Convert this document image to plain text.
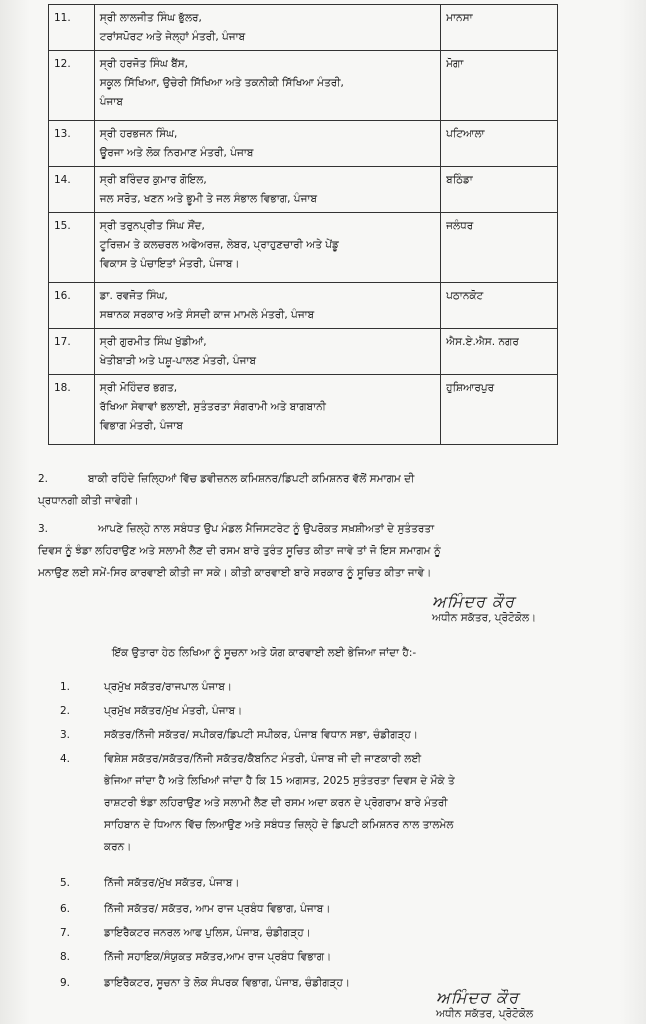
11.	ਸ੍ਰੀ ਲਾਲਜੀਤ ਸਿੰਘ ਭੁੱਲਰ,
ਟਰਾਂਸਪੋਰਟ ਅਤੇ ਜੇਲ੍ਹਾਂ ਮੰਤਰੀ, ਪੰਜਾਬ	ਮਾਨਸਾ
12.	ਸ੍ਰੀ ਹਰਜੋਤ ਸਿੰਘ ਬੈਂਸ,
ਸਕੂਲ ਸਿੱਖਿਆ, ਉਚੇਰੀ ਸਿੱਖਿਆ ਅਤੇ ਤਕਨੀਕੀ ਸਿੱਖਿਆ ਮੰਤਰੀ,
ਪੰਜਾਬ	ਮੋਗਾ
13.	ਸ੍ਰੀ ਹਰਭਜਨ ਸਿੰਘ,
ਊਰਜਾ ਅਤੇ ਲੋਕ ਨਿਰਮਾਣ ਮੰਤਰੀ, ਪੰਜਾਬ	ਪਟਿਆਲਾ
14.	ਸ੍ਰੀ ਬਰਿੰਦਰ ਕੁਮਾਰ ਗੋਇਲ,
ਜਲ ਸਰੋਤ, ਖਣਨ ਅਤੇ ਭੂਮੀ ਤੇ ਜਲ ਸੰਭਾਲ ਵਿਭਾਗ, ਪੰਜਾਬ	ਬਠਿੰਡਾ
15.	ਸ੍ਰੀ ਤਰੁਨਪ੍ਰੀਤ ਸਿੰਘ ਸੌਂਦ,
ਟੂਰਿਜ਼ਮ ਤੇ ਕਲਚਰਲ ਅਫੇਅਰਜ਼, ਲੇਬਰ, ਪ੍ਰਾਹੁਣਚਾਰੀ ਅਤੇ ਪੇਂਡੂ
ਵਿਕਾਸ ਤੇ ਪੰਚਾਇਤਾਂ ਮੰਤਰੀ, ਪੰਜਾਬ।	ਜਲੰਧਰ
16.	ਡਾ. ਰਵਜੋਤ ਸਿੰਘ,
ਸਥਾਨਕ ਸਰਕਾਰ ਅਤੇ ਸੰਸਦੀ ਕਾਜ ਮਾਮਲੇ ਮੰਤਰੀ, ਪੰਜਾਬ	ਪਠਾਨਕੋਟ
17.	ਸ੍ਰੀ ਗੁਰਮੀਤ ਸਿੰਘ ਖੁੱਡੀਆਂ,
ਖੇਤੀਬਾੜੀ ਅਤੇ ਪਸ਼ੂ-ਪਾਲਣ ਮੰਤਰੀ, ਪੰਜਾਬ	ਐਸ.ਏ.ਐਸ. ਨਗਰ
18.	ਸ੍ਰੀ ਮੋਹਿੰਦਰ ਭਗਤ,
ਰੱਖਿਆ ਸੇਵਾਵਾਂ ਭਲਾਈ, ਸੁਤੰਤਰਤਾ ਸੰਗਰਾਮੀ ਅਤੇ ਬਾਗਬਾਨੀ
ਵਿਭਾਗ ਮੰਤਰੀ, ਪੰਜਾਬ	ਹੁਸ਼ਿਆਰਪੁਰ
2.	ਬਾਕੀ ਰਹਿੰਦੇ ਜ਼ਿਲ੍ਹਿਆਂ ਵਿੱਚ ਡਵੀਜ਼ਨਲ ਕਮਿਸ਼ਨਰ/ਡਿਪਟੀ ਕਮਿਸ਼ਨਰ ਵੱਲੋਂ ਸਮਾਗਮ ਦੀ
ਪ੍ਰਧਾਨਗੀ ਕੀਤੀ ਜਾਵੇਗੀ।
3.	ਆਪਣੇ ਜ਼ਿਲ੍ਹੇ ਨਾਲ ਸਬੰਧਤ ਉਪ ਮੰਡਲ ਮੈਜਿਸਟਰੇਟ ਨੂੰ ਉਪਰੋਕਤ ਸਖ਼ਸ਼ੀਅਤਾਂ ਦੇ ਸੁਤੰਤਰਤਾ
ਦਿਵਸ ਨੂੰ ਝੰਡਾ ਲਹਿਰਾਉਣ ਅਤੇ ਸਲਾਮੀ ਲੈਣ ਦੀ ਰਸਮ ਬਾਰੇ ਤੁਰੰਤ ਸੂਚਿਤ ਕੀਤਾ ਜਾਵੇ ਤਾਂ ਜੋ ਇਸ ਸਮਾਗਮ ਨੂੰ
ਮਨਾਉਣ ਲਈ ਸਮੇਂ-ਸਿਰ ਕਾਰਵਾਈ ਕੀਤੀ ਜਾ ਸਕੇ। ਕੀਤੀ ਕਾਰਵਾਈ ਬਾਰੇ ਸਰਕਾਰ ਨੂੰ ਸੂਚਿਤ ਕੀਤਾ ਜਾਵੇ।
ਅਮਿੰਦਰ ਕੌਰ
ਅਧੀਨ ਸਕੱਤਰ, ਪ੍ਰੋਟੋਕੋਲ।
ਇੱਕ ਉਤਾਰਾ ਹੇਠ ਲਿਖਿਆ ਨੂੰ ਸੂਚਨਾ ਅਤੇ ਯੋਗ ਕਾਰਵਾਈ ਲਈ ਭੇਜਿਆ ਜਾਂਦਾ ਹੈ:-
1.	ਪ੍ਰਮੁੱਖ ਸਕੱਤਰ/ਰਾਜਪਾਲ ਪੰਜਾਬ।
2.	ਪ੍ਰਮੁੱਖ ਸਕੱਤਰ/ਮੁੱਖ ਮੰਤਰੀ, ਪੰਜਾਬ।
3.	ਸਕੱਤਰ/ਨਿੱਜੀ ਸਕੱਤਰ/ ਸਪੀਕਰ/ਡਿਪਟੀ ਸਪੀਕਰ, ਪੰਜਾਬ ਵਿਧਾਨ ਸਭਾ, ਚੰਡੀਗੜ੍ਹ।
4.	ਵਿਸ਼ੇਸ਼ ਸਕੱਤਰ/ਸਕੱਤਰ/ਨਿੱਜੀ ਸਕੱਤਰ/ਕੈਬਨਿਟ ਮੰਤਰੀ, ਪੰਜਾਬ ਜੀ ਦੀ ਜਾਣਕਾਰੀ ਲਈ
ਭੇਜਿਆ ਜਾਂਦਾ ਹੈ ਅਤੇ ਲਿਖਿਆਂ ਜਾਂਦਾ ਹੈ ਕਿ 15 ਅਗਸਤ, 2025 ਸੁਤੰਤਰਤਾ ਦਿਵਸ ਦੇ ਮੌਕੇ ਤੇ
ਰਾਸ਼ਟਰੀ ਝੰਡਾ ਲਹਿਰਾਉਣ ਅਤੇ ਸਲਾਮੀ ਲੈਣ ਦੀ ਰਸਮ ਅਦਾ ਕਰਨ ਦੇ ਪ੍ਰੋਗਰਾਮ ਬਾਰੇ ਮੰਤਰੀ
ਸਾਹਿਬਾਨ ਦੇ ਧਿਆਨ ਵਿੱਚ ਲਿਆਉਣ ਅਤੇ ਸਬੰਧਤ ਜ਼ਿਲ੍ਹੇ ਦੇ ਡਿਪਟੀ ਕਮਿਸ਼ਨਰ ਨਾਲ ਤਾਲਮੇਲ
ਕਰਨ।
5.	ਨਿੱਜੀ ਸਕੱਤਰ/ਮੁੱਖ ਸਕੱਤਰ, ਪੰਜਾਬ।
6.	ਨਿੱਜੀ ਸਕੱਤਰ/ ਸਕੱਤਰ, ਆਮ ਰਾਜ ਪ੍ਰਬੰਧ ਵਿਭਾਗ, ਪੰਜਾਬ।
7.	ਡਾਇਰੈਕਟਰ ਜਨਰਲ ਆਫ ਪੁਲਿਸ, ਪੰਜਾਬ, ਚੰਡੀਗੜ੍ਹ।
8.	ਨਿੱਜੀ ਸਹਾਇਕ/ਸੰਯੁਕਤ ਸਕੱਤਰ,ਆਮ ਰਾਜ ਪ੍ਰਬੰਧ ਵਿਭਾਗ।
9.	ਡਾਇਰੈਕਟਰ, ਸੂਚਨਾ ਤੇ ਲੋਕ ਸੰਪਰਕ ਵਿਭਾਗ, ਪੰਜਾਬ, ਚੰਡੀਗੜ੍ਹ।
ਅਮਿੰਦਰ ਕੌਰ
ਅਧੀਨ ਸਕੱਤਰ, ਪ੍ਰੋਟੋਕੋਲ
